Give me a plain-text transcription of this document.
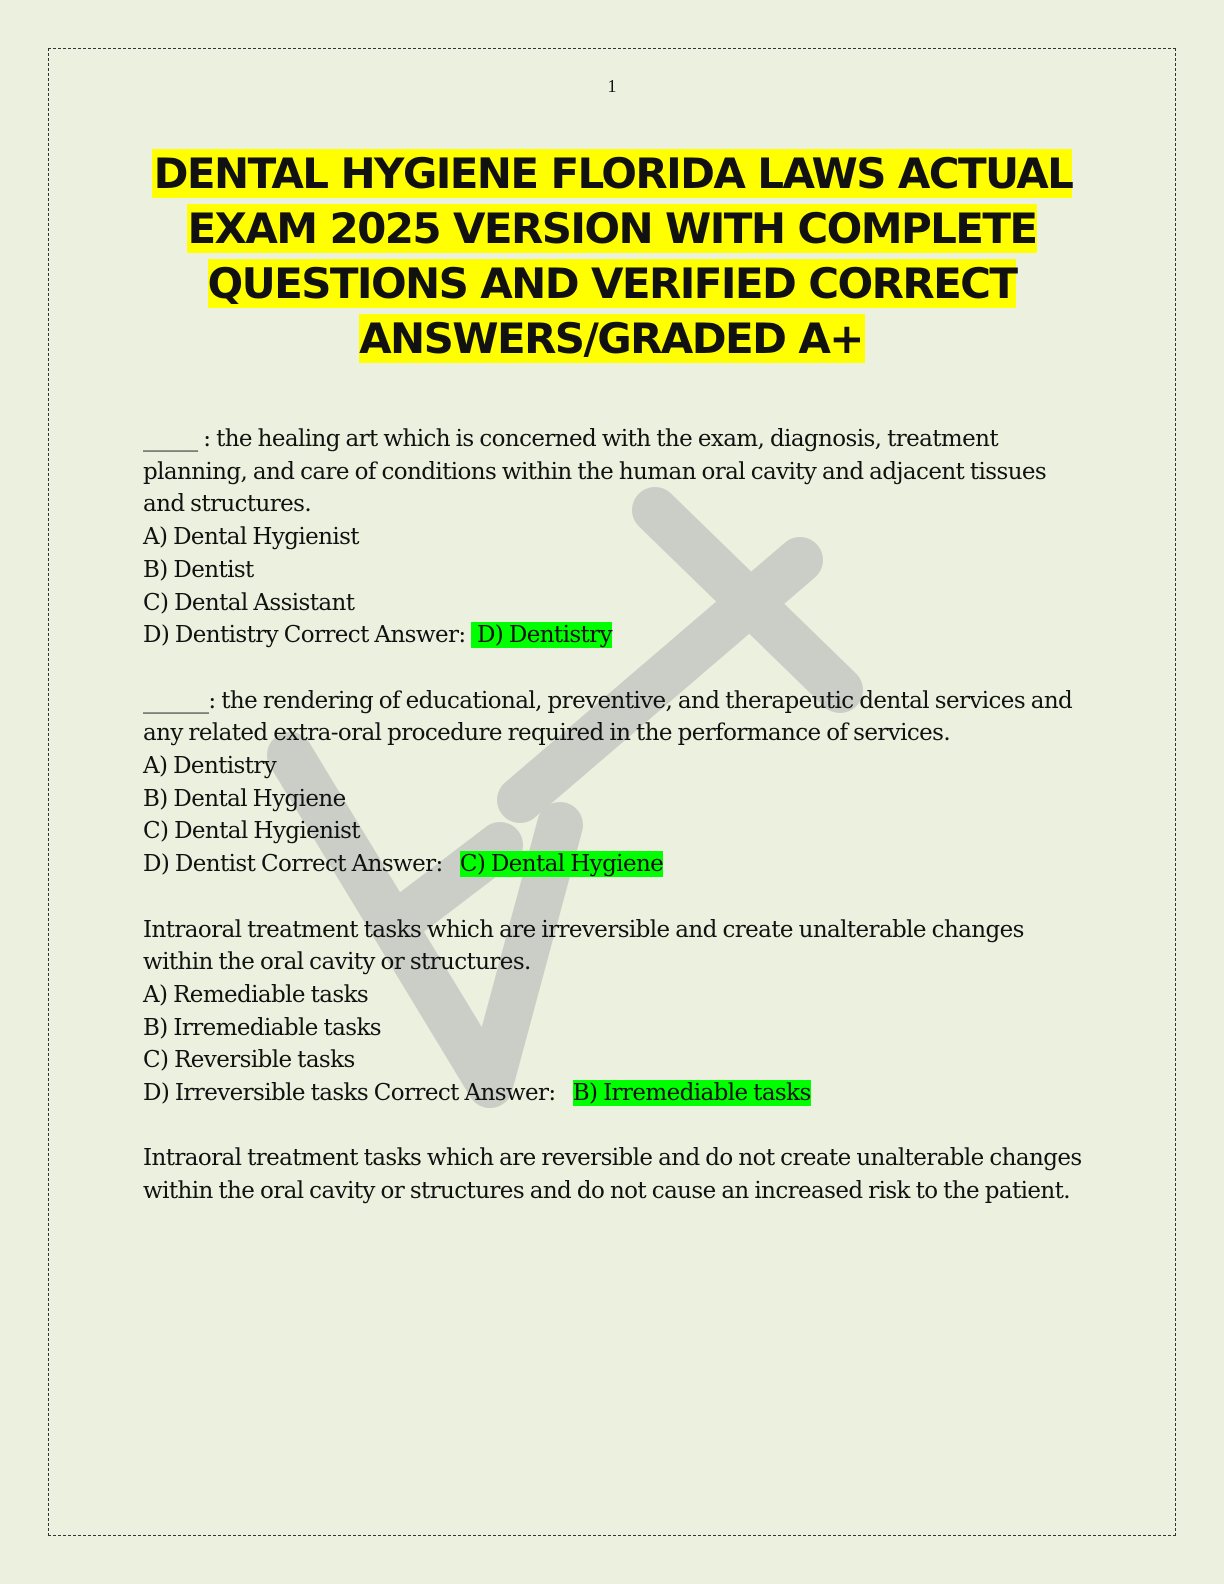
1
DENTAL HYGIENE FLORIDA LAWS ACTUAL EXAM 2025 VERSION WITH COMPLETE QUESTIONS AND VERIFIED CORRECT ANSWERS/GRADED A+

_____ : the healing art which is concerned with the exam, diagnosis, treatment planning, and care of conditions within the human oral cavity and adjacent tissues and structures.

A) Dental Hygienist

B) Dentist

C) Dental Assistant

D) Dentistry Correct Answer: D) Dentistry

______: the rendering of educational, preventive, and therapeutic dental services and any related extra-oral procedure required in the performance of services.

A) Dentistry

B) Dental Hygiene

C) Dental Hygienist

D) Dentist Correct Answer: C) Dental Hygiene

Intraoral treatment tasks which are irreversible and create unalterable changes within the oral cavity or structures.

A) Remediable tasks

B) Irremediable tasks

C) Reversible tasks

D) Irreversible tasks Correct Answer: B) Irremediable tasks

Intraoral treatment tasks which are reversible and do not create unalterable changes within the oral cavity or structures and do not cause an increased risk to the patient.
